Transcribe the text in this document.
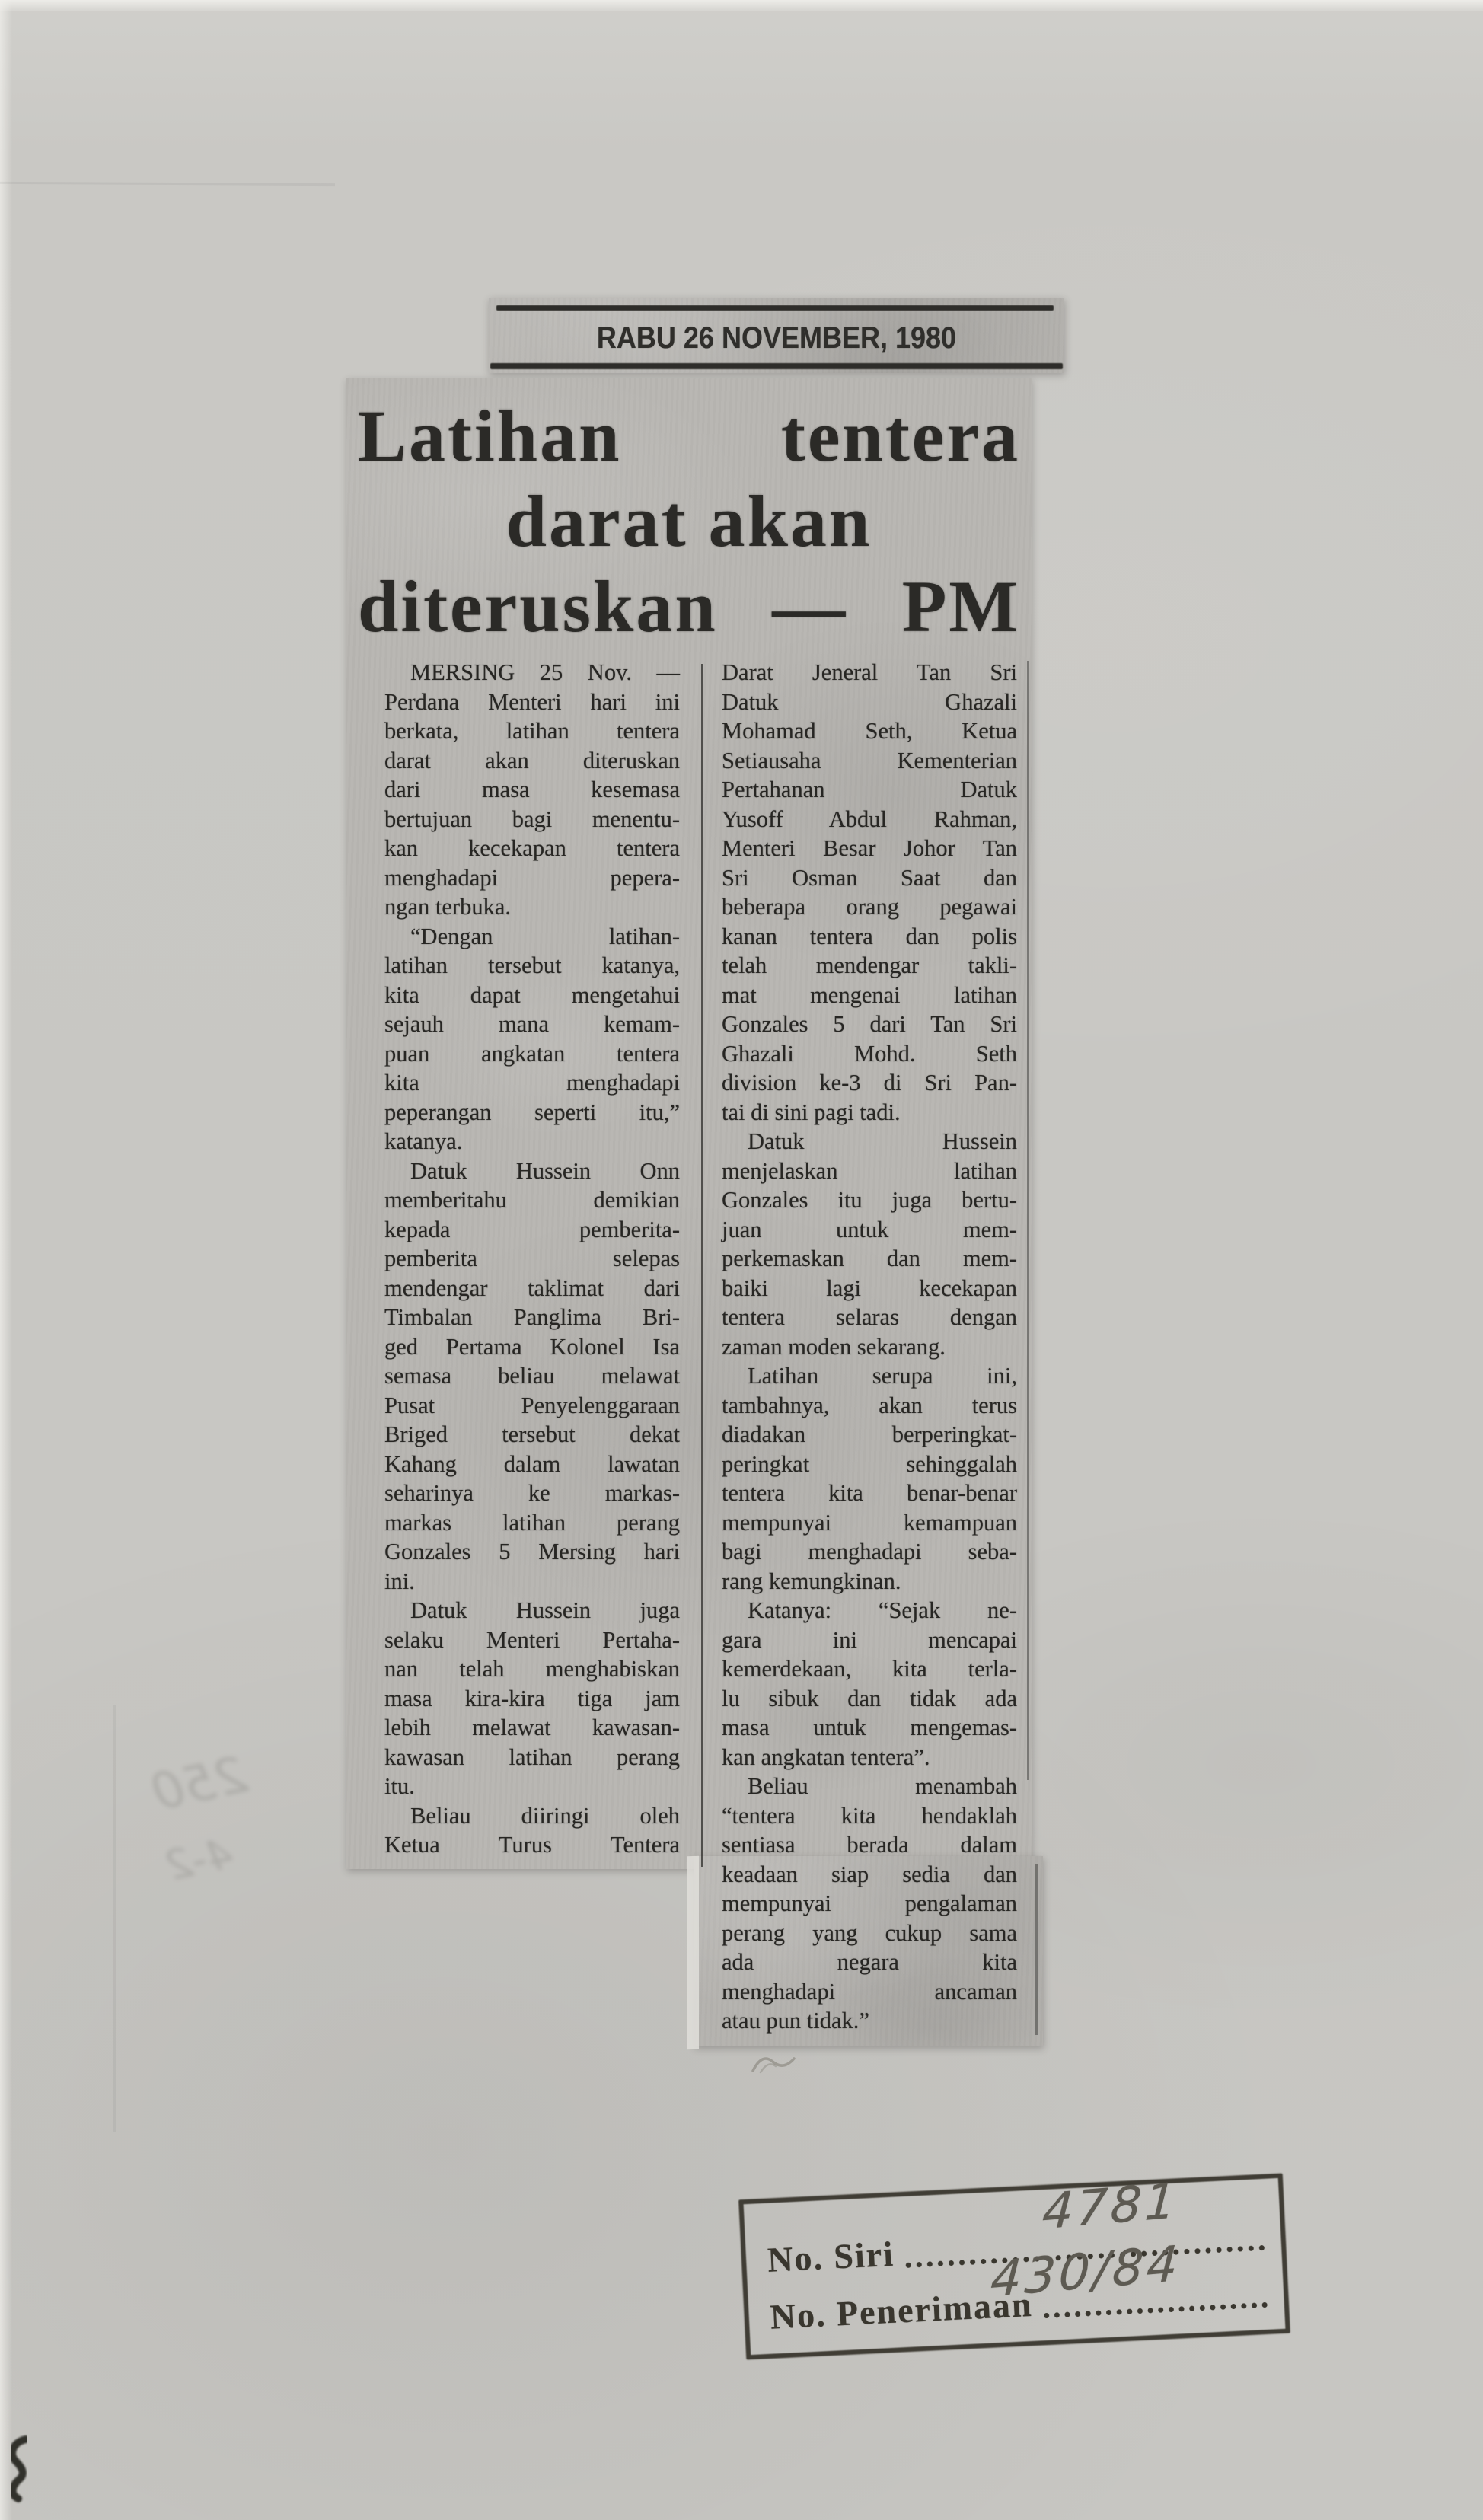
250
4-2
RABU 26 NOVEMBER, 1980
Latihan tentera
darat akan
diteruskan — PM
MERSING 25 Nov. —
Perdana Menteri hari ini
berkata, latihan tentera
darat akan diteruskan
dari masa kesemasa
bertujuan bagi menentu-
kan kecekapan tentera
menghadapi pepera-
ngan terbuka.
“Dengan latihan-
latihan tersebut katanya,
kita dapat mengetahui
sejauh mana kemam-
puan angkatan tentera
kita menghadapi
peperangan seperti itu,”
katanya.
Datuk Hussein Onn
memberitahu demikian
kepada pemberita-
pemberita selepas
mendengar taklimat dari
Timbalan Panglima Bri-
ged Pertama Kolonel Isa
semasa beliau melawat
Pusat Penyelenggaraan
Briged tersebut dekat
Kahang dalam lawatan
seharinya ke markas-
markas latihan perang
Gonzales 5 Mersing hari
ini.
Datuk Hussein juga
selaku Menteri Pertaha-
nan telah menghabiskan
masa kira-kira tiga jam
lebih melawat kawasan-
kawasan latihan perang
itu.
Beliau diiringi oleh
Ketua Turus Tentera
Darat Jeneral Tan Sri
Datuk Ghazali
Mohamad Seth, Ketua
Setiausaha Kementerian
Pertahanan Datuk
Yusoff Abdul Rahman,
Menteri Besar Johor Tan
Sri Osman Saat dan
beberapa orang pegawai
kanan tentera dan polis
telah mendengar takli-
mat mengenai latihan
Gonzales 5 dari Tan Sri
Ghazali Mohd. Seth
division ke-3 di Sri Pan-
tai di sini pagi tadi.
Datuk Hussein
menjelaskan latihan
Gonzales itu juga bertu-
juan untuk mem-
perkemaskan dan mem-
baiki lagi kecekapan
tentera selaras dengan
zaman moden sekarang.
Latihan serupa ini,
tambahnya, akan terus
diadakan berperingkat-
peringkat sehinggalah
tentera kita benar-benar
mempunyai kemampuan
bagi menghadapi seba-
rang kemungkinan.
Katanya: “Sejak ne-
gara ini mencapai
kemerdekaan, kita terla-
lu sibuk dan tidak ada
masa untuk mengemas-
kan angkatan tentera”.
Beliau menambah
“tentera kita hendaklah
sentiasa berada dalam
keadaan siap sedia dan
mempunyai pengalaman
perang yang cukup sama
ada negara kita
menghadapi ancaman
atau pun tidak.”
No. Siri
No. Penerimaan
4781
430/84
